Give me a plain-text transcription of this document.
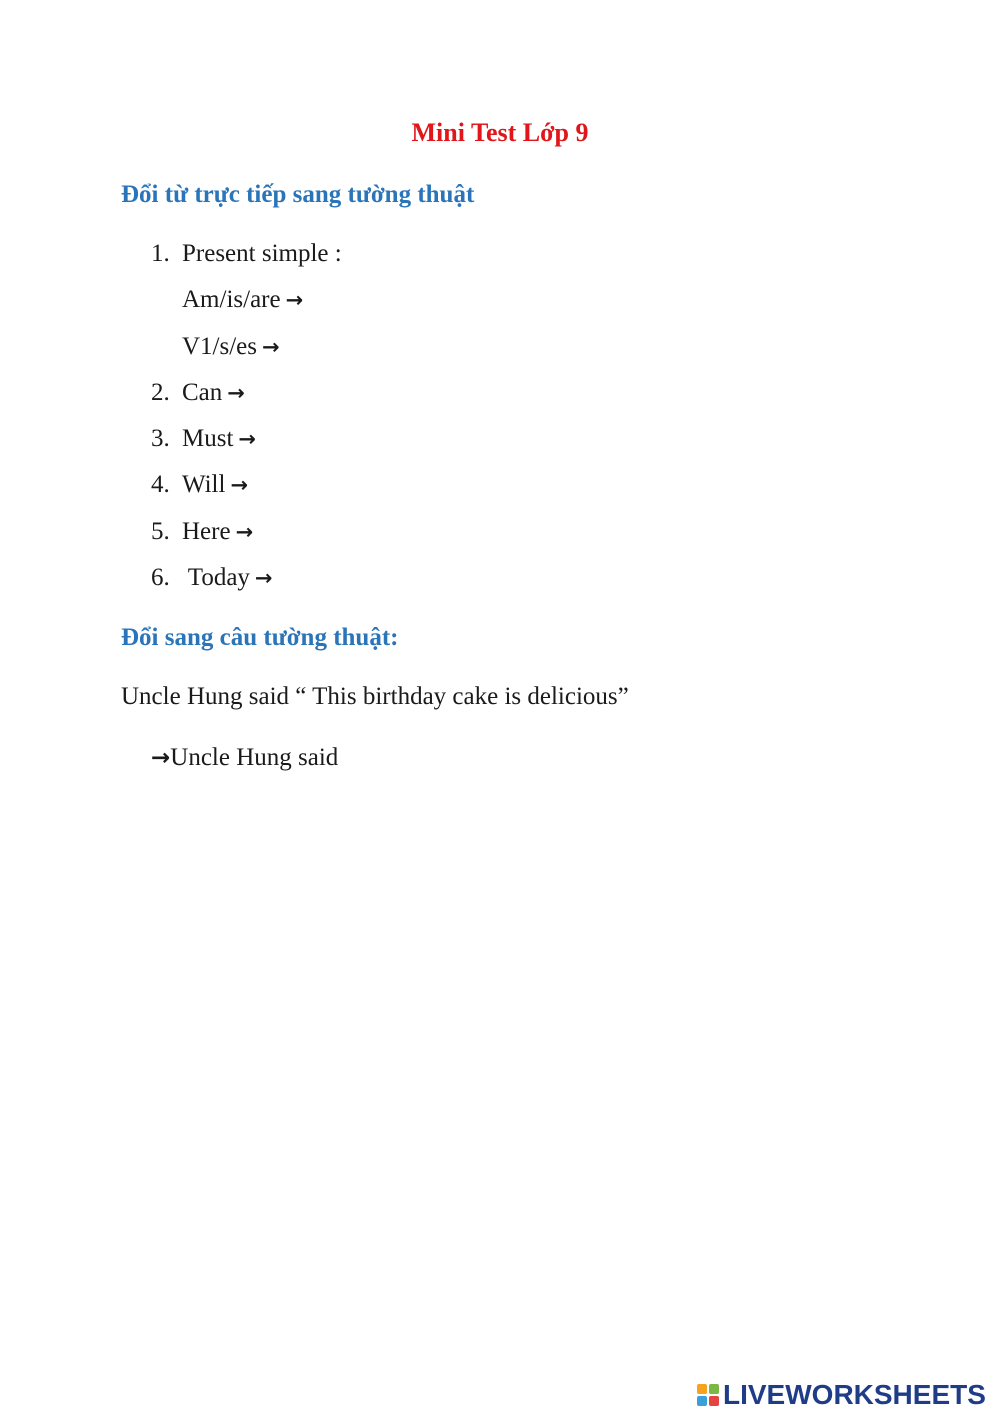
Mini Test Lớp 9
Đổi từ trực tiếp sang tường thuật
1. Present simple :
Am/is/are →
V1/s/es →
2. Can →
3. Must →
4. Will →
5. Here →
6. Today →
Đổi sang câu tường thuật:
Uncle Hung said “ This birthday cake is delicious”
→Uncle Hung said
LIVEWORKSHEETS
